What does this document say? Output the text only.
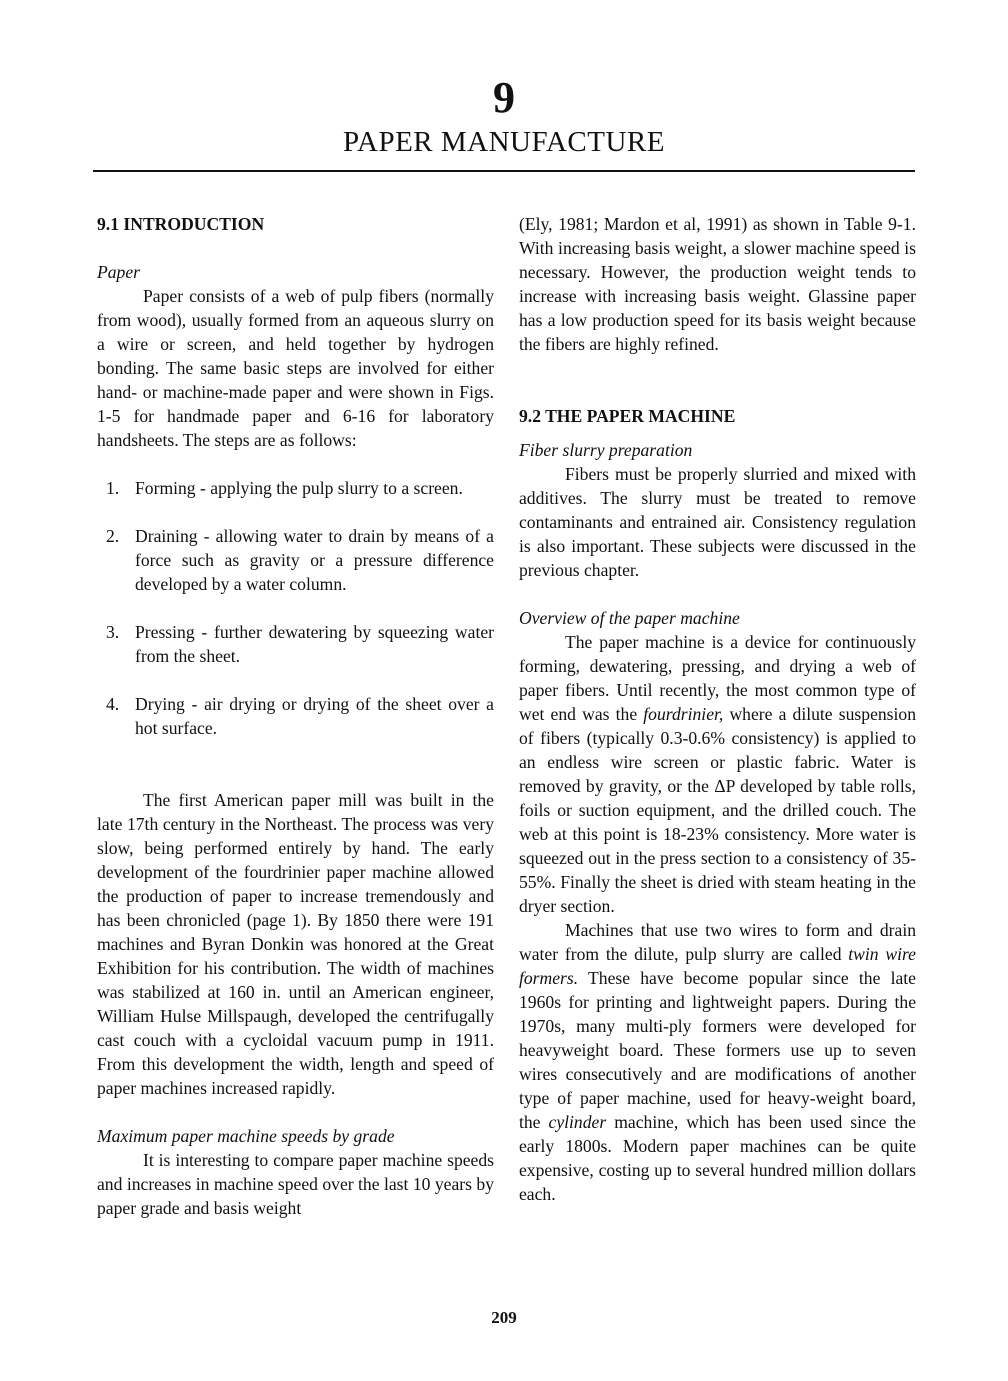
9
PAPER MANUFACTURE

9.1 INTRODUCTION

Paper

Paper consists of a web of pulp fibers (normally from wood), usually formed from an aqueous slurry on a wire or screen, and held together by hydrogen bonding. The same basic steps are involved for either hand- or machine-made paper and were shown in Figs. 1-5 for handmade paper and 6-16 for laboratory handsheets. The steps are as follows:

1. Forming - applying the pulp slurry to a screen.
2. Draining - allowing water to drain by means of a force such as gravity or a pressure difference developed by a water column.
3. Pressing - further dewatering by squeezing water from the sheet.
4. Drying - air drying or drying of the sheet over a hot surface.

The first American paper mill was built in the late 17th century in the Northeast. The process was very slow, being performed entirely by hand. The early development of the fourdrinier paper machine allowed the production of paper to increase tremendously and has been chronicled (page 1). By 1850 there were 191 machines and Byran Donkin was honored at the Great Exhibition for his contribution. The width of machines was stabilized at 160 in. until an American engineer, William Hulse Millspaugh, developed the centrifugally cast couch with a cycloidal vacuum pump in 1911. From this development the width, length and speed of paper machines increased rapidly.

Maximum paper machine speeds by grade

It is interesting to compare paper machine speeds and increases in machine speed over the last 10 years by paper grade and basis weight

(Ely, 1981; Mardon et al, 1991) as shown in Table 9-1. With increasing basis weight, a slower machine speed is necessary. However, the production weight tends to increase with increasing basis weight. Glassine paper has a low production speed for its basis weight because the fibers are highly refined.

9.2 THE PAPER MACHINE

Fiber slurry preparation

Fibers must be properly slurried and mixed with additives. The slurry must be treated to remove contaminants and entrained air. Consistency regulation is also important. These subjects were discussed in the previous chapter.

Overview of the paper machine

The paper machine is a device for continuously forming, dewatering, pressing, and drying a web of paper fibers. Until recently, the most common type of wet end was the fourdrinier, where a dilute suspension of fibers (typically 0.3-0.6% consistency) is applied to an endless wire screen or plastic fabric. Water is removed by gravity, or the ΔP developed by table rolls, foils or suction equipment, and the drilled couch. The web at this point is 18-23% consistency. More water is squeezed out in the press section to a consistency of 35-55%. Finally the sheet is dried with steam heating in the dryer section.

Machines that use two wires to form and drain water from the dilute, pulp slurry are called twin wire formers. These have become popular since the late 1960s for printing and lightweight papers. During the 1970s, many multi-ply formers were developed for heavyweight board. These formers use up to seven wires consecutively and are modifications of another type of paper machine, used for heavy-weight board, the cylinder machine, which has been used since the early 1800s. Modern paper machines can be quite expensive, costing up to several hundred million dollars each.

209
